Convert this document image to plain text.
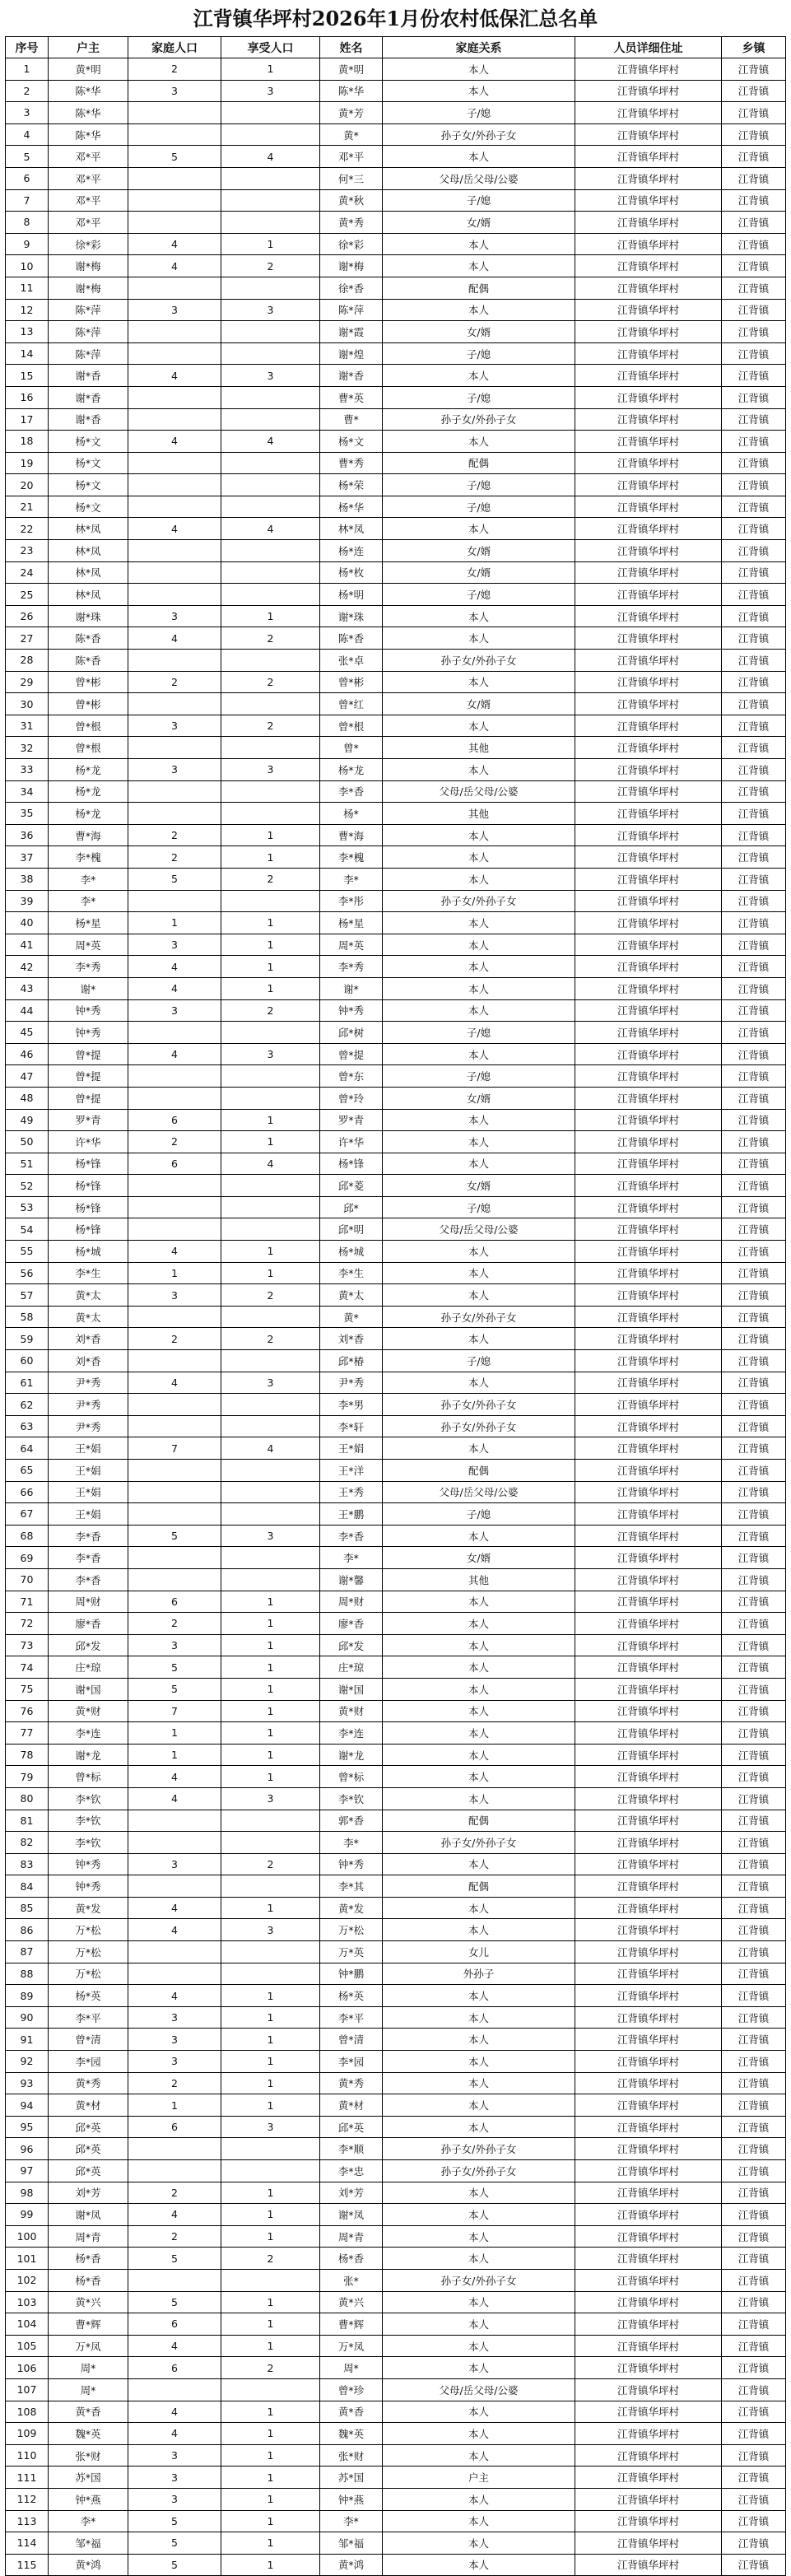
江背镇华坪村2026年1月份农村低保汇总名单
序号	户主	家庭人口	享受人口	姓名	家庭关系	人员详细住址	乡镇
1	黄*明	2	1	黄*明	本人	江背镇华坪村	江背镇
2	陈*华	3	3	陈*华	本人	江背镇华坪村	江背镇
3	陈*华			黄*芳	子/媳	江背镇华坪村	江背镇
4	陈*华			黄*	孙子女/外孙子女	江背镇华坪村	江背镇
5	邓*平	5	4	邓*平	本人	江背镇华坪村	江背镇
6	邓*平			何*三	父母/岳父母/公婆	江背镇华坪村	江背镇
7	邓*平			黄*秋	子/媳	江背镇华坪村	江背镇
8	邓*平			黄*秀	女/婿	江背镇华坪村	江背镇
9	徐*彩	4	1	徐*彩	本人	江背镇华坪村	江背镇
10	谢*梅	4	2	谢*梅	本人	江背镇华坪村	江背镇
11	谢*梅			徐*香	配偶	江背镇华坪村	江背镇
12	陈*萍	3	3	陈*萍	本人	江背镇华坪村	江背镇
13	陈*萍			谢*霞	女/婿	江背镇华坪村	江背镇
14	陈*萍			谢*煌	子/媳	江背镇华坪村	江背镇
15	谢*香	4	3	谢*香	本人	江背镇华坪村	江背镇
16	谢*香			曹*英	子/媳	江背镇华坪村	江背镇
17	谢*香			曹*	孙子女/外孙子女	江背镇华坪村	江背镇
18	杨*文	4	4	杨*文	本人	江背镇华坪村	江背镇
19	杨*文			曹*秀	配偶	江背镇华坪村	江背镇
20	杨*文			杨*荣	子/媳	江背镇华坪村	江背镇
21	杨*文			杨*华	子/媳	江背镇华坪村	江背镇
22	林*凤	4	4	林*凤	本人	江背镇华坪村	江背镇
23	林*凤			杨*连	女/婿	江背镇华坪村	江背镇
24	林*凤			杨*枚	女/婿	江背镇华坪村	江背镇
25	林*凤			杨*明	子/媳	江背镇华坪村	江背镇
26	谢*珠	3	1	谢*珠	本人	江背镇华坪村	江背镇
27	陈*香	4	2	陈*香	本人	江背镇华坪村	江背镇
28	陈*香			张*卓	孙子女/外孙子女	江背镇华坪村	江背镇
29	曾*彬	2	2	曾*彬	本人	江背镇华坪村	江背镇
30	曾*彬			曾*红	女/婿	江背镇华坪村	江背镇
31	曾*根	3	2	曾*根	本人	江背镇华坪村	江背镇
32	曾*根			曾*	其他	江背镇华坪村	江背镇
33	杨*龙	3	3	杨*龙	本人	江背镇华坪村	江背镇
34	杨*龙			李*香	父母/岳父母/公婆	江背镇华坪村	江背镇
35	杨*龙			杨*	其他	江背镇华坪村	江背镇
36	曹*海	2	1	曹*海	本人	江背镇华坪村	江背镇
37	李*槐	2	1	李*槐	本人	江背镇华坪村	江背镇
38	李*	5	2	李*	本人	江背镇华坪村	江背镇
39	李*			李*彤	孙子女/外孙子女	江背镇华坪村	江背镇
40	杨*星	1	1	杨*星	本人	江背镇华坪村	江背镇
41	周*英	3	1	周*英	本人	江背镇华坪村	江背镇
42	李*秀	4	1	李*秀	本人	江背镇华坪村	江背镇
43	谢*	4	1	谢*	本人	江背镇华坪村	江背镇
44	钟*秀	3	2	钟*秀	本人	江背镇华坪村	江背镇
45	钟*秀			邱*树	子/媳	江背镇华坪村	江背镇
46	曾*提	4	3	曾*提	本人	江背镇华坪村	江背镇
47	曾*提			曾*东	子/媳	江背镇华坪村	江背镇
48	曾*提			曾*玲	女/婿	江背镇华坪村	江背镇
49	罗*青	6	1	罗*青	本人	江背镇华坪村	江背镇
50	许*华	2	1	许*华	本人	江背镇华坪村	江背镇
51	杨*锋	6	4	杨*锋	本人	江背镇华坪村	江背镇
52	杨*锋			邱*菱	女/婿	江背镇华坪村	江背镇
53	杨*锋			邱*	子/媳	江背镇华坪村	江背镇
54	杨*锋			邱*明	父母/岳父母/公婆	江背镇华坪村	江背镇
55	杨*城	4	1	杨*城	本人	江背镇华坪村	江背镇
56	李*生	1	1	李*生	本人	江背镇华坪村	江背镇
57	黄*太	3	2	黄*太	本人	江背镇华坪村	江背镇
58	黄*太			黄*	孙子女/外孙子女	江背镇华坪村	江背镇
59	刘*香	2	2	刘*香	本人	江背镇华坪村	江背镇
60	刘*香			邱*椿	子/媳	江背镇华坪村	江背镇
61	尹*秀	4	3	尹*秀	本人	江背镇华坪村	江背镇
62	尹*秀			李*男	孙子女/外孙子女	江背镇华坪村	江背镇
63	尹*秀			李*轩	孙子女/外孙子女	江背镇华坪村	江背镇
64	王*娟	7	4	王*娟	本人	江背镇华坪村	江背镇
65	王*娟			王*洋	配偶	江背镇华坪村	江背镇
66	王*娟			王*秀	父母/岳父母/公婆	江背镇华坪村	江背镇
67	王*娟			王*鹏	子/媳	江背镇华坪村	江背镇
68	李*香	5	3	李*香	本人	江背镇华坪村	江背镇
69	李*香			李*	女/婿	江背镇华坪村	江背镇
70	李*香			谢*馨	其他	江背镇华坪村	江背镇
71	周*财	6	1	周*财	本人	江背镇华坪村	江背镇
72	廖*香	2	1	廖*香	本人	江背镇华坪村	江背镇
73	邱*发	3	1	邱*发	本人	江背镇华坪村	江背镇
74	庄*琼	5	1	庄*琼	本人	江背镇华坪村	江背镇
75	谢*国	5	1	谢*国	本人	江背镇华坪村	江背镇
76	黄*财	7	1	黄*财	本人	江背镇华坪村	江背镇
77	李*连	1	1	李*连	本人	江背镇华坪村	江背镇
78	谢*龙	1	1	谢*龙	本人	江背镇华坪村	江背镇
79	曾*标	4	1	曾*标	本人	江背镇华坪村	江背镇
80	李*钦	4	3	李*钦	本人	江背镇华坪村	江背镇
81	李*钦			郭*香	配偶	江背镇华坪村	江背镇
82	李*钦			李*	孙子女/外孙子女	江背镇华坪村	江背镇
83	钟*秀	3	2	钟*秀	本人	江背镇华坪村	江背镇
84	钟*秀			李*其	配偶	江背镇华坪村	江背镇
85	黄*发	4	1	黄*发	本人	江背镇华坪村	江背镇
86	万*松	4	3	万*松	本人	江背镇华坪村	江背镇
87	万*松			万*英	女儿	江背镇华坪村	江背镇
88	万*松			钟*鹏	外孙子	江背镇华坪村	江背镇
89	杨*英	4	1	杨*英	本人	江背镇华坪村	江背镇
90	李*平	3	1	李*平	本人	江背镇华坪村	江背镇
91	曾*清	3	1	曾*清	本人	江背镇华坪村	江背镇
92	李*园	3	1	李*园	本人	江背镇华坪村	江背镇
93	黄*秀	2	1	黄*秀	本人	江背镇华坪村	江背镇
94	黄*材	1	1	黄*材	本人	江背镇华坪村	江背镇
95	邱*英	6	3	邱*英	本人	江背镇华坪村	江背镇
96	邱*英			李*顺	孙子女/外孙子女	江背镇华坪村	江背镇
97	邱*英			李*忠	孙子女/外孙子女	江背镇华坪村	江背镇
98	刘*芳	2	1	刘*芳	本人	江背镇华坪村	江背镇
99	谢*凤	4	1	谢*凤	本人	江背镇华坪村	江背镇
100	周*青	2	1	周*青	本人	江背镇华坪村	江背镇
101	杨*香	5	2	杨*香	本人	江背镇华坪村	江背镇
102	杨*香			张*	孙子女/外孙子女	江背镇华坪村	江背镇
103	黄*兴	5	1	黄*兴	本人	江背镇华坪村	江背镇
104	曹*辉	6	1	曹*辉	本人	江背镇华坪村	江背镇
105	万*凤	4	1	万*凤	本人	江背镇华坪村	江背镇
106	周*	6	2	周*	本人	江背镇华坪村	江背镇
107	周*			曾*珍	父母/岳父母/公婆	江背镇华坪村	江背镇
108	黄*香	4	1	黄*香	本人	江背镇华坪村	江背镇
109	魏*英	4	1	魏*英	本人	江背镇华坪村	江背镇
110	张*财	3	1	张*财	本人	江背镇华坪村	江背镇
111	苏*国	3	1	苏*国	户主	江背镇华坪村	江背镇
112	钟*燕	3	1	钟*燕	本人	江背镇华坪村	江背镇
113	李*	5	1	李*	本人	江背镇华坪村	江背镇
114	邹*福	5	1	邹*福	本人	江背镇华坪村	江背镇
115	黄*鸿	5	1	黄*鸿	本人	江背镇华坪村	江背镇
